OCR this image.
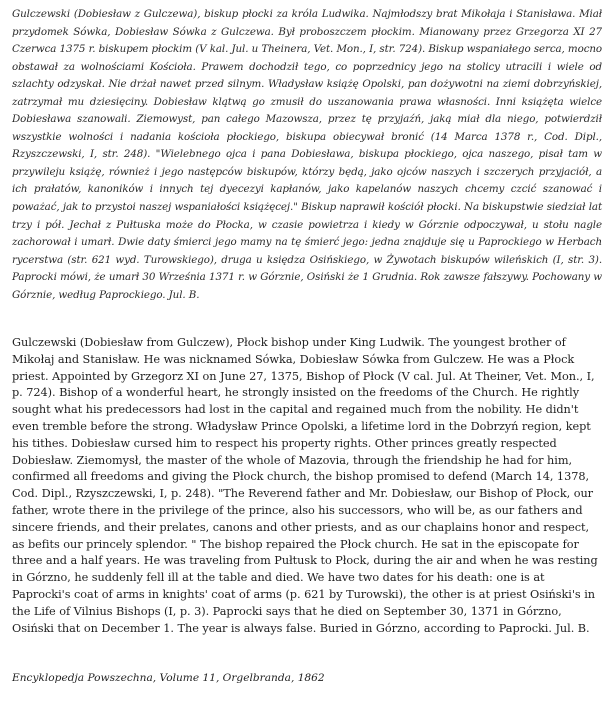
Gulczewski (Dobiesław z Gulczewa), biskup płocki za króla Ludwika. Najmłodszy brat Mikołaja i Stanisława. Miał przydomek Sówka, Dobiesław Sówka z Gulczewa. Był proboszczem płockim. Mianowany przez Grzegorza XI 27 Czerwca 1375 r. biskupem płockim (V kal. Jul. u Theinera, Vet. Mon., I, str. 724). Biskup wspaniałego serca, mocno obstawał za wolnościami Kościoła. Prawem dochodził tego, co poprzednicy jego na stolicy utracili i wiele od szlachty odzyskał. Nie drżał nawet przed silnym. Władysław książę Opolski, pan dożywotni na ziemi dobrzyńskiej, zatrzymał mu dziesięciny. Dobiesław klątwą go zmusił do uszanowania prawa własności. Inni książęta wielce Dobiesława szanowali. Ziemowyst, pan całego Mazowsza, przez tę przyjaźń, jaką miał dla niego, potwierdził wszystkie wolności i nadania kościoła płockiego, biskupa obiecywał bronić (14 Marca 1378 r., Cod. Dipl., Rzyszczewski, I, str. 248). "Wielebnego ojca i pana Dobiesława, biskupa płockiego, ojca naszego, pisał tam w przywileju książę, również i jego następców biskupów, którzy będą, jako ojców naszych i szczerych przyjaciół, a ich prałatów, kanoników i innych tej dyecezyi kapłanów, jako kapelanów naszych chcemy czcić szanować i poważać, jak to przystoi naszej wspaniałości książęcej." Biskup naprawił kościół płocki. Na biskupstwie siedział lat trzy i pół. Jechał z Pułtuska może do Płocka, w czasie powietrza i kiedy w Górznie odpoczywał, u stołu nagle zachorował i umarł. Dwie daty śmierci jego mamy na tę śmierć jego: jedna znajduje się u Paprockiego w Herbach rycerstwa (str. 621 wyd. Turowskiego), druga u księdza Osińskiego, w Żywotach biskupów wileńskich (I, str. 3). Paprocki mówi, że umarł 30 Września 1371 r. w Górznie, Osiński że 1 Grudnia. Rok zawsze fałszywy. Pochowany w Górznie, według Paprockiego. Jul. B.
Gulczewski (Dobiesław from Gulczew), Płock bishop under King Ludwik. The youngest brother of Mikołaj and Stanisław. He was nicknamed Sówka, Dobiesław Sówka from Gulczew. He was a Płock priest. Appointed by Grzegorz XI on June 27, 1375, Bishop of Płock (V cal. Jul. At Theiner, Vet. Mon., I, p. 724). Bishop of a wonderful heart, he strongly insisted on the freedoms of the Church. He rightly sought what his predecessors had lost in the capital and regained much from the nobility. He didn't even tremble before the strong. Władysław Prince Opolski, a lifetime lord in the Dobrzyń region, kept his tithes. Dobiesław cursed him to respect his property rights. Other princes greatly respected Dobiesław. Ziemomysł, the master of the whole of Mazovia, through the friendship he had for him, confirmed all freedoms and giving the Płock church, the bishop promised to defend (March 14, 1378, Cod. Dipl., Rzyszczewski, I, p. 248). "The Reverend father and Mr. Dobiesław, our Bishop of Płock, our father, wrote there in the privilege of the prince, also his successors, who will be, as our fathers and sincere friends, and their prelates, canons and other priests, and as our chaplains honor and respect, as befits our princely splendor. " The bishop repaired the Płock church. He sat in the episcopate for three and a half years. He was traveling from Pułtusk to Płock, during the air and when he was resting in Górzno, he suddenly fell ill at the table and died. We have two dates for his death: one is at Paprocki's coat of arms in knights' coat of arms (p. 621 by Turowski), the other is at priest Osiński's in the Life of Vilnius Bishops (I, p. 3). Paprocki says that he died on September 30, 1371 in Górzno, Osiński that on December 1. The year is always false. Buried in Górzno, according to Paprocki. Jul. B.
Encyklopedja Powszechna, Volume 11, Orgelbranda, 1862
